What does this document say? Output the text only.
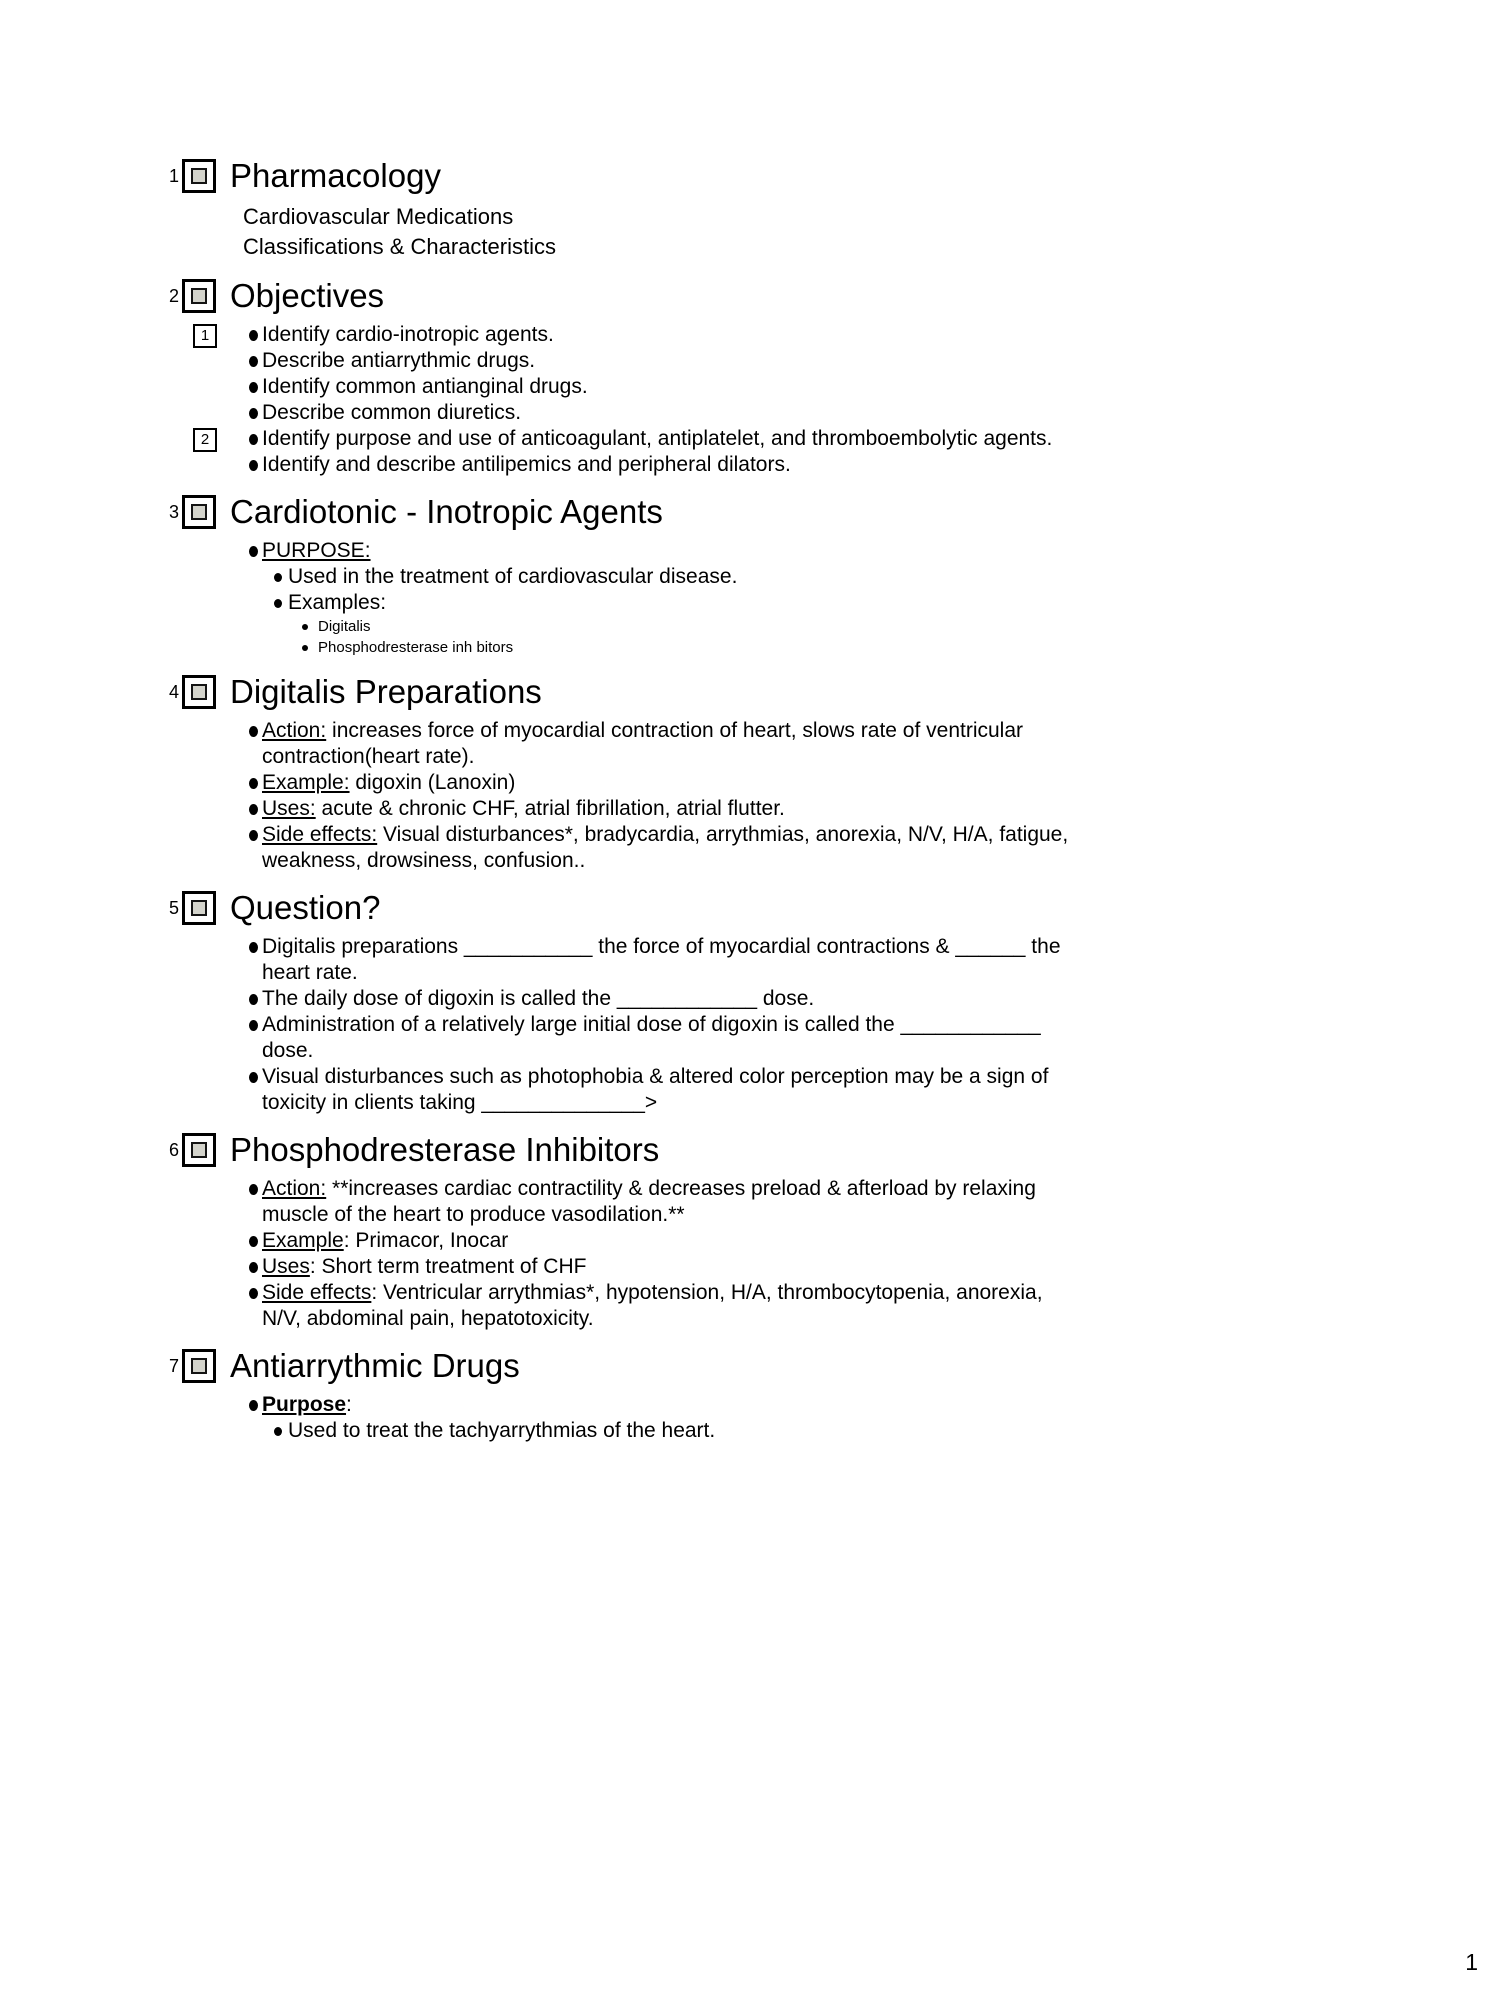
1 Pharmacology
Cardiovascular Medications
Classifications & Characteristics
2 Objectives
1	Identify cardio-inotropic agents.
Describe antiarrythmic drugs.
Identify common antianginal drugs.
Describe common diuretics.
2	Identify purpose and use of anticoagulant, antiplatelet, and thromboembolytic agents.
Identify and describe antilipemics and peripheral dilators.
3 Cardiotonic - Inotropic Agents
PURPOSE:
Used in the treatment of cardiovascular disease.
Examples:
Digitalis
Phosphodresterase inh bitors
4 Digitalis Preparations
Action: increases force of myocardial contraction of heart, slows rate of ventricular
contraction(heart rate).
Example: digoxin (Lanoxin)
Uses: acute & chronic CHF, atrial fibrillation, atrial flutter.
Side effects: Visual disturbances*, bradycardia, arrythmias, anorexia, N/V, H/A, fatigue,
weakness, drowsiness, confusion..
5 Question?
Digitalis preparations ___________ the force of myocardial contractions & ______ the
heart rate.
The daily dose of digoxin is called the ____________ dose.
Administration of a relatively large initial dose of digoxin is called the ____________
dose.
Visual disturbances such as photophobia & altered color perception may be a sign of
toxicity in clients taking ______________>
6 Phosphodresterase Inhibitors
Action: **increases cardiac contractility & decreases preload & afterload by relaxing
muscle of the heart to produce vasodilation.**
Example: Primacor, Inocar
Uses: Short term treatment of CHF
Side effects: Ventricular arrythmias*, hypotension, H/A, thrombocytopenia, anorexia,
N/V, abdominal pain, hepatotoxicity.
7 Antiarrythmic Drugs
Purpose:
Used to treat the tachyarrythmias of the heart.
1
